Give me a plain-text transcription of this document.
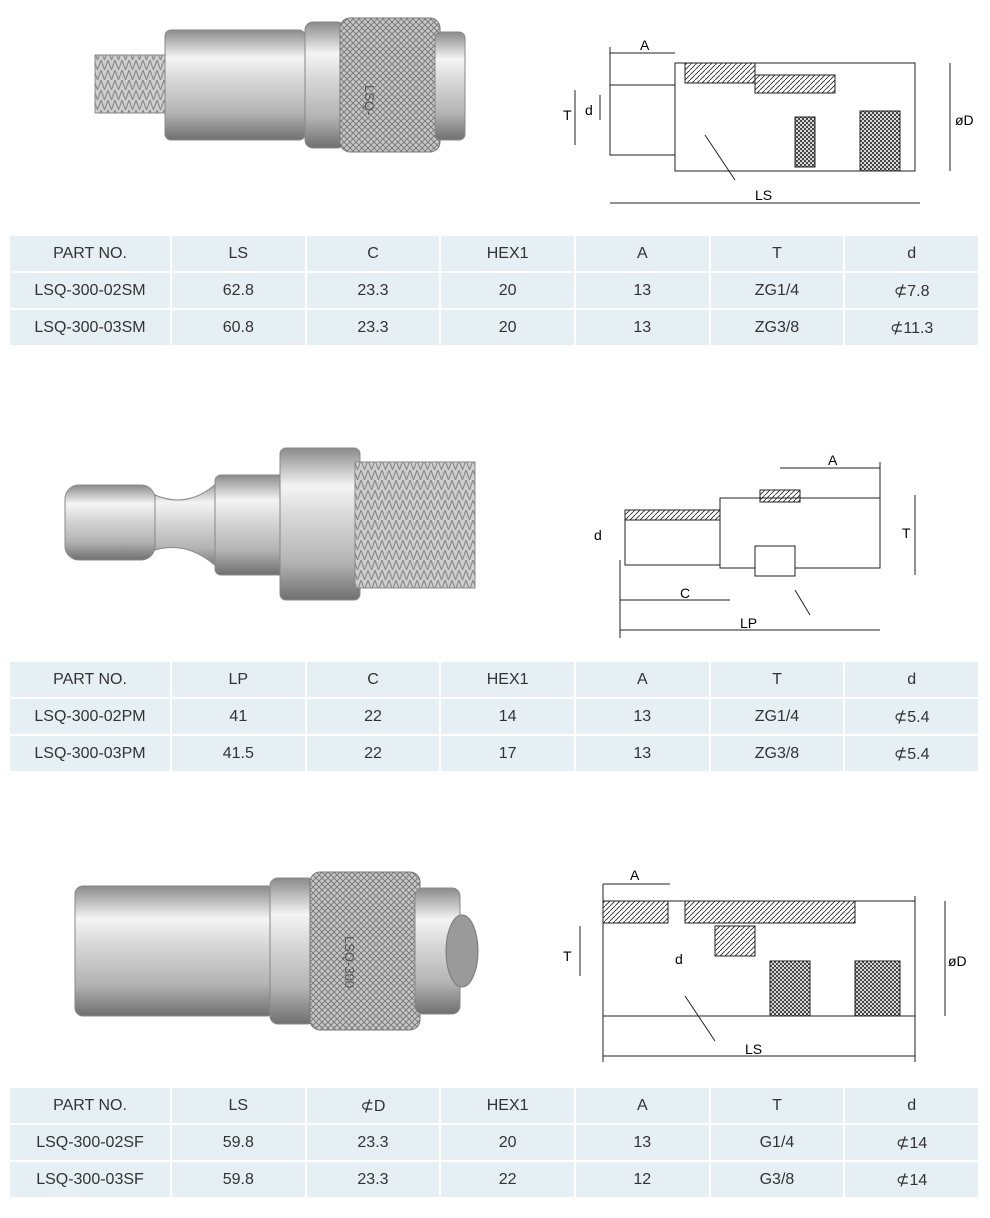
LSQ-
A
T d
øD
LS
PART NO.	LS	C	HEX1	A	T	d
LSQ-300-02SM	62.8	23.3	20	13	ZG1/4	⊄7.8
LSQ-300-03SM	60.8	23.3	20	13	ZG3/8	⊄11.3
A
T
d
C
LP
PART NO.	LP	C	HEX1	A	T	d
LSQ-300-02PM	41	22	14	13	ZG1/4	⊄5.4
LSQ-300-03PM	41.5	22	17	13	ZG3/8	⊄5.4
LSQ-300
A
T	d	øD
LS
PART NO.	LS	⊄D	HEX1	A	T	d
LSQ-300-02SF	59.8	23.3	20	13	G1/4	⊄14
LSQ-300-03SF	59.8	23.3	22	12	G3/8	⊄14
